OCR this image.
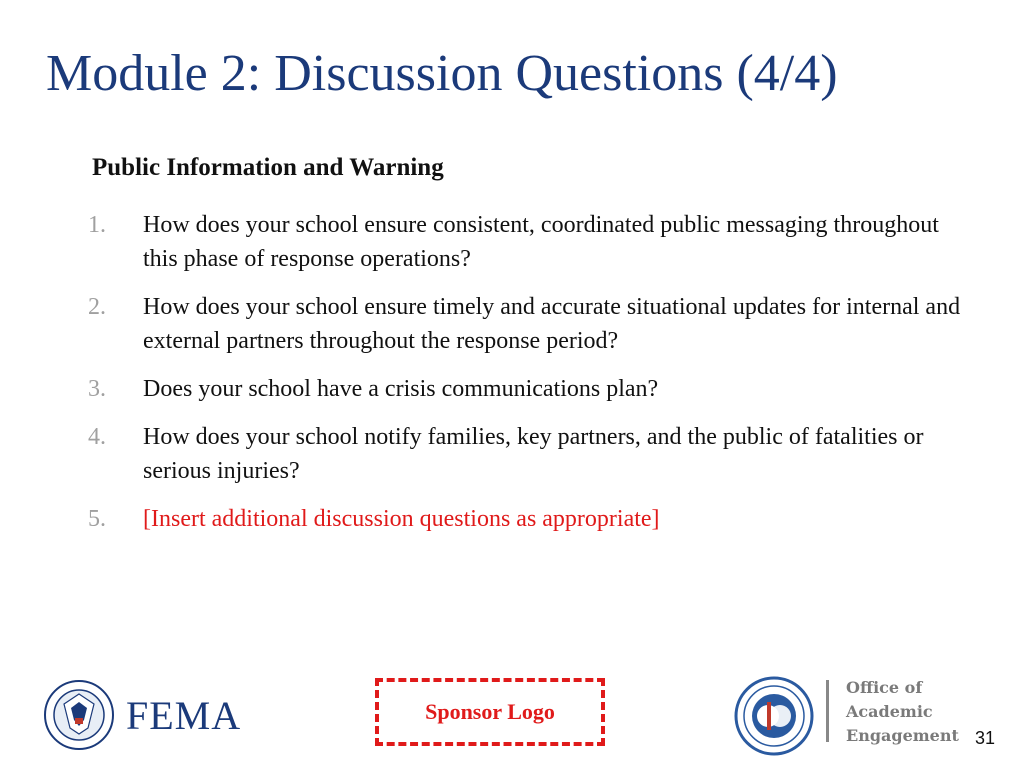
Module 2: Discussion Questions (4/4)
Public Information and Warning
1.	How does your school ensure consistent, coordinated public messaging throughout this phase of response operations?
2.	How does your school ensure timely and accurate situational updates for internal and external partners throughout the response period?
3.	Does your school have a crisis communications plan?
4.	How does your school notify families, key partners, and the public of fatalities or serious injuries?
5.	[Insert additional discussion questions as appropriate]
FEMA	Sponsor Logo
Office of
Academic
Engagement 31
